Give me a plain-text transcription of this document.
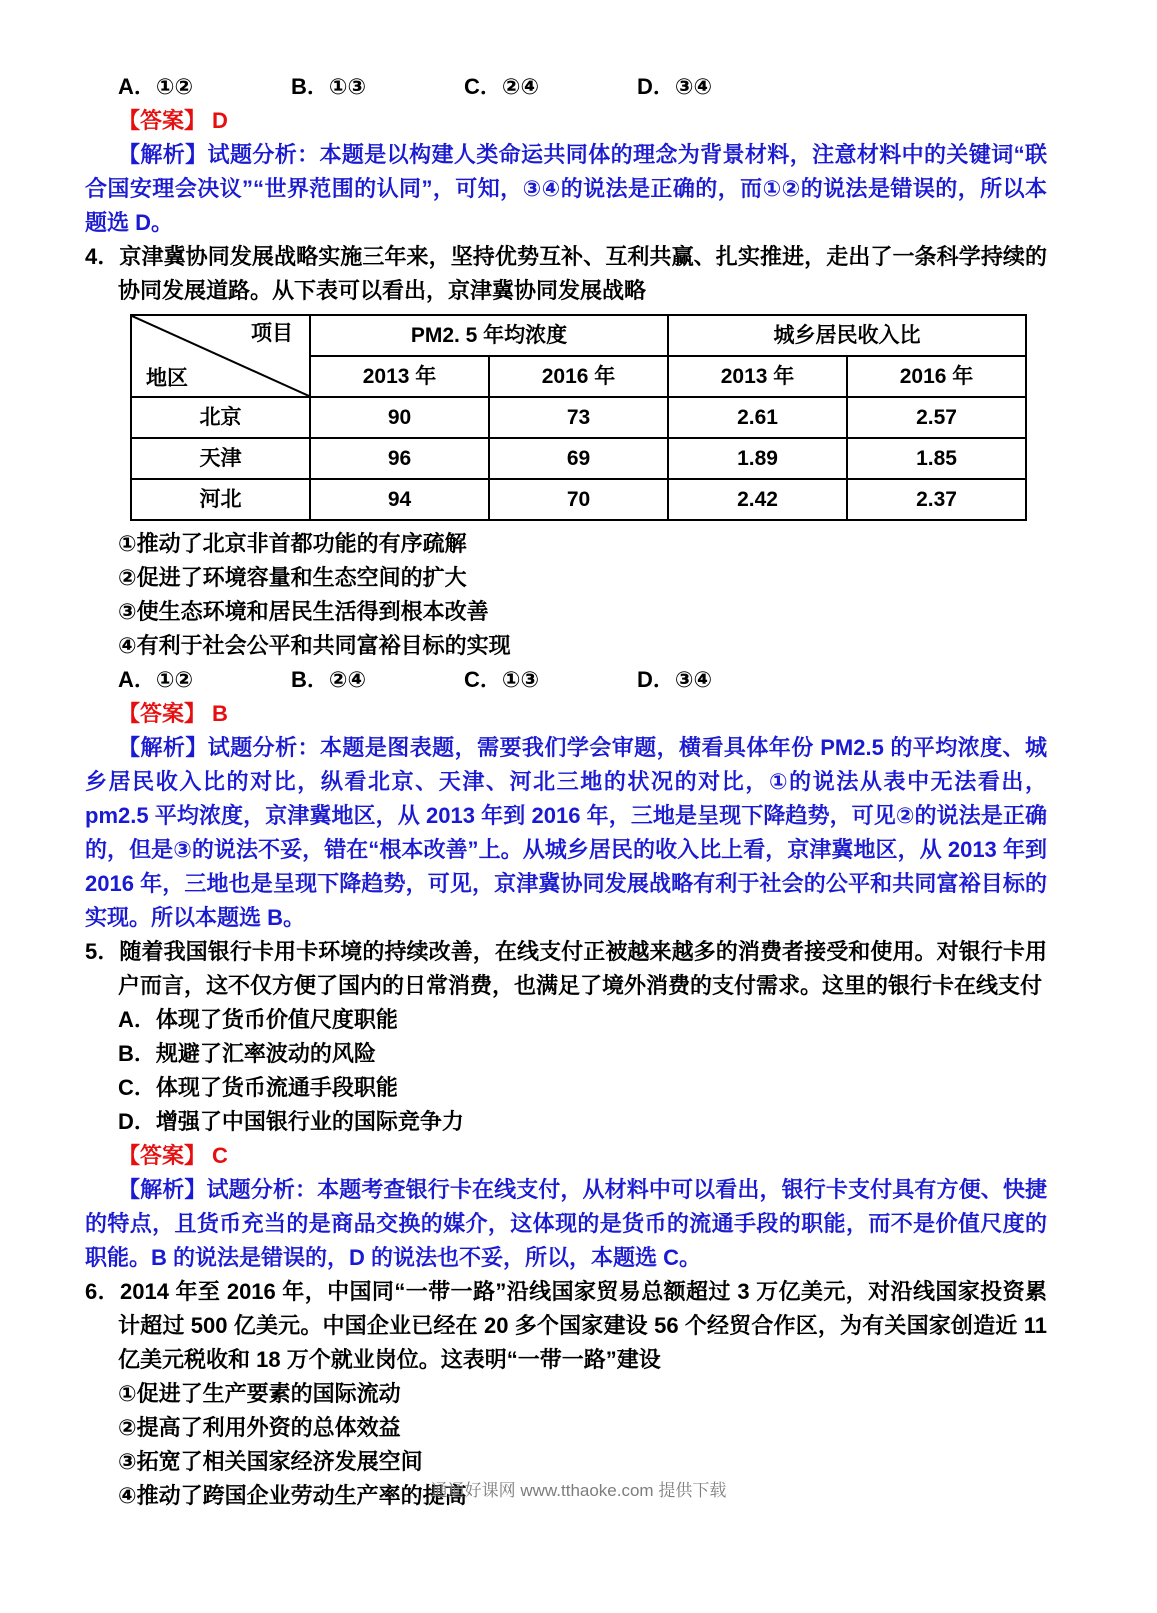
A．①②	B．①③	C．②④	D．③④
【答案】 D
【解析】试题分析：本题是以构建人类命运共同体的理念为背景材料，注意材料中的关键词“联合国安理会决议”“世界范围的认同”，可知，③④的说法是正确的，而①②的说法是错误的，所以本题选 D。
4．京津冀协同发展战略实施三年来，坚持优势互补、互利共赢、扎实推进，走出了一条科学持续的协同发展道路。从下表可以看出，京津冀协同发展战略
项目
地区	PM2. 5 年均浓度		城乡居民收入比	
	2013 年	2016 年	2013 年	2016 年
北京	90	73	2.61	2.57
天津	96	69	1.89	1.85
河北	94	70	2.42	2.37
①推动了北京非首都功能的有序疏解
②促进了环境容量和生态空间的扩大
③使生态环境和居民生活得到根本改善
④有利于社会公平和共同富裕目标的实现
A．①②	B．②④	C．①③	D．③④
【答案】 B
【解析】试题分析：本题是图表题，需要我们学会审题，横看具体年份 PM2.5 的平均浓度、城乡居民收入比的对比，纵看北京、天津、河北三地的状况的对比，①的说法从表中无法看出，pm2.5 平均浓度，京津冀地区，从 2013 年到 2016 年，三地是呈现下降趋势，可见②的说法是正确的，但是③的说法不妥，错在“根本改善”上。从城乡居民的收入比上看，京津冀地区，从 2013 年到 2016 年，三地也是呈现下降趋势，可见，京津冀协同发展战略有利于社会的公平和共同富裕目标的实现。所以本题选 B。
5．随着我国银行卡用卡环境的持续改善，在线支付正被越来越多的消费者接受和使用。对银行卡用户而言，这不仅方便了国内的日常消费，也满足了境外消费的支付需求。这里的银行卡在线支付
A．体现了货币价值尺度职能
B．规避了汇率波动的风险
C．体现了货币流通手段职能
D．增强了中国银行业的国际竞争力
【答案】 C
【解析】试题分析：本题考查银行卡在线支付，从材料中可以看出，银行卡支付具有方便、快捷的特点，且货币充当的是商品交换的媒介，这体现的是货币的流通手段的职能，而不是价值尺度的职能。B 的说法是错误的，D 的说法也不妥，所以，本题选 C。
6．2014 年至 2016 年，中国同“一带一路”沿线国家贸易总额超过 3 万亿美元，对沿线国家投资累计超过 500 亿美元。中国企业已经在 20 多个国家建设 56 个经贸合作区，为有关国家创造近 11 亿美元税收和 18 万个就业岗位。这表明“一带一路”建设
①促进了生产要素的国际流动
②提高了利用外资的总体效益
③拓宽了相关国家经济发展空间
④推动了跨国企业劳动生产率的提高
通通好课网 www.tthaoke.com 提供下载
